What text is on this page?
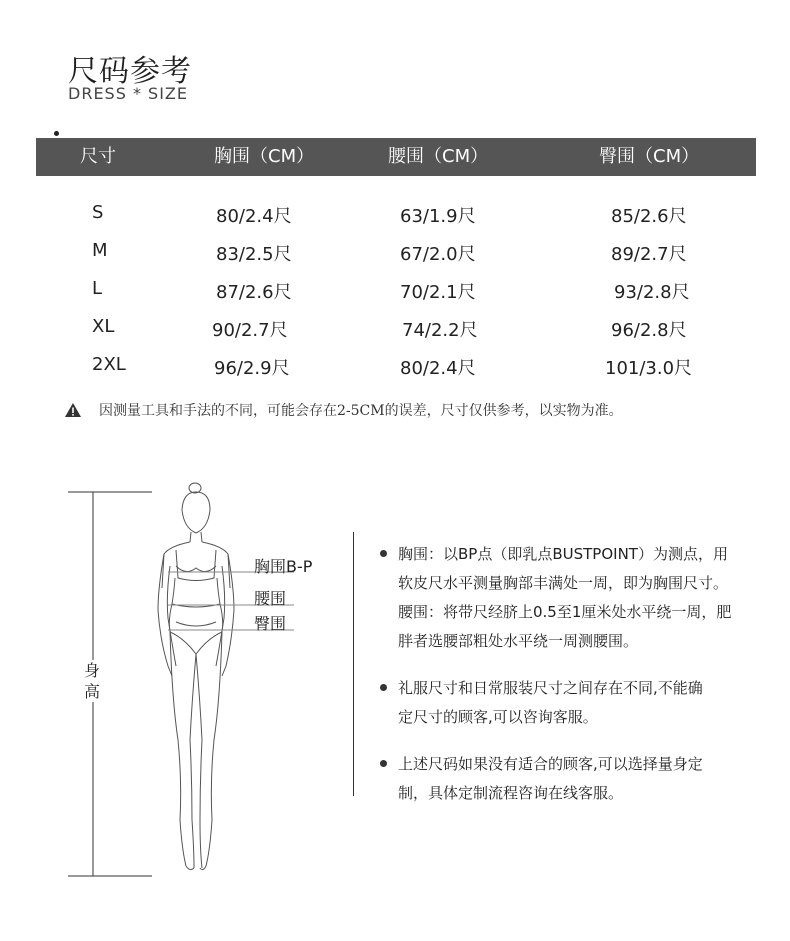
尺码参考
DRESS * SIZE
尺寸	胸围（CM）	腰围（CM）	臀围（CM）
S	80/2.4尺	63/1.9尺	85/2.6尺
M	83/2.5尺	67/2.0尺	89/2.7尺
L	87/2.6尺	70/2.1尺	93/2.8尺
XL	90/2.7尺	74/2.2尺	96/2.8尺
2XL	96/2.9尺	80/2.4尺	101/3.0尺
因测量工具和手法的不同，可能会存在2-5CM的误差，尺寸仅供参考，以实物为准。
身
高
胸围B-P
腰围
臀围
胸围：以BP点（即乳点BUSTPOINT）为测点，用
软皮尺水平测量胸部丰满处一周，即为胸围尺寸。
腰围：将带尺经脐上0.5至1厘米处水平绕一周，肥
胖者选腰部粗处水平绕一周测腰围。
礼服尺寸和日常服装尺寸之间存在不同,不能确
定尺寸的顾客,可以咨询客服。
上述尺码如果没有适合的顾客,可以选择量身定
制，具体定制流程咨询在线客服。
